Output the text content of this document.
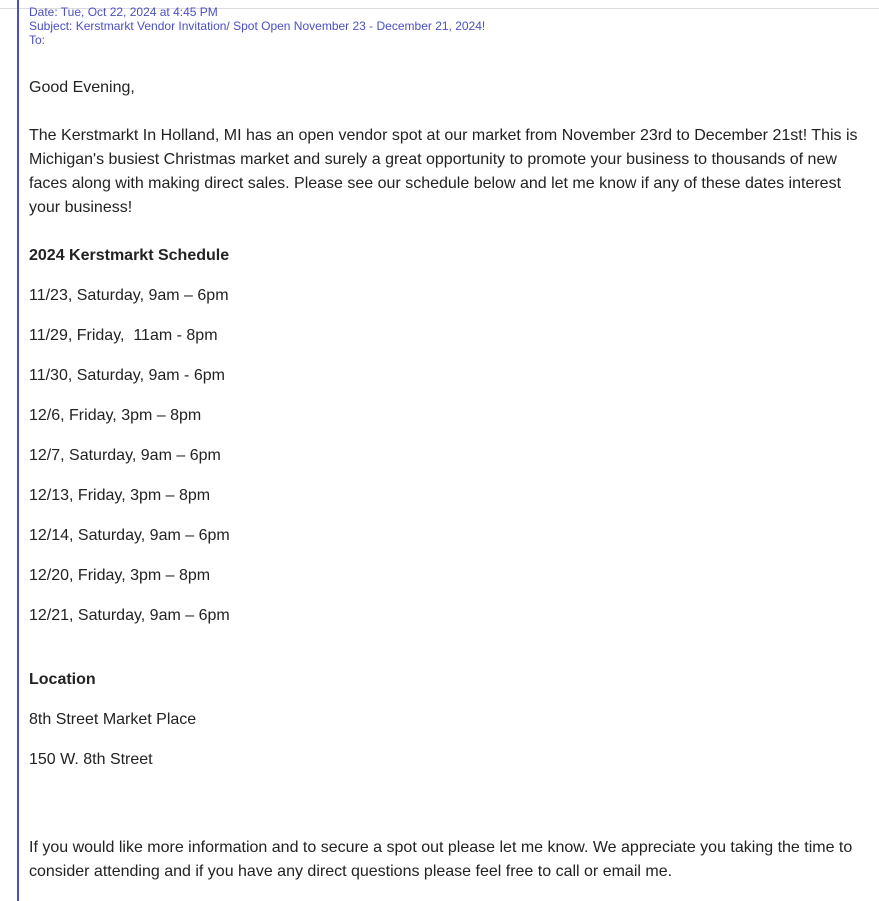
Date: Tue, Oct 22, 2024 at 4:45 PM
Subject: Kerstmarkt Vendor Invitation/ Spot Open November 23 - December 21, 2024!
To:

Good Evening,

The Kerstmarkt In Holland, MI has an open vendor spot at our market from November 23rd to December 21st! This is Michigan's busiest Christmas market and surely a great opportunity to promote your business to thousands of new faces along with making direct sales. Please see our schedule below and let me know if any of these dates interest your business!

2024 Kerstmarkt Schedule

11/23, Saturday, 9am – 6pm

11/29, Friday,  11am - 8pm

11/30, Saturday, 9am - 6pm

12/6, Friday, 3pm – 8pm

12/7, Saturday, 9am – 6pm

12/13, Friday, 3pm – 8pm

12/14, Saturday, 9am – 6pm

12/20, Friday, 3pm – 8pm

12/21, Saturday, 9am – 6pm

Location

8th Street Market Place

150 W. 8th Street

If you would like more information and to secure a spot out please let me know. We appreciate you taking the time to consider attending and if you have any direct questions please feel free to call or email me.
